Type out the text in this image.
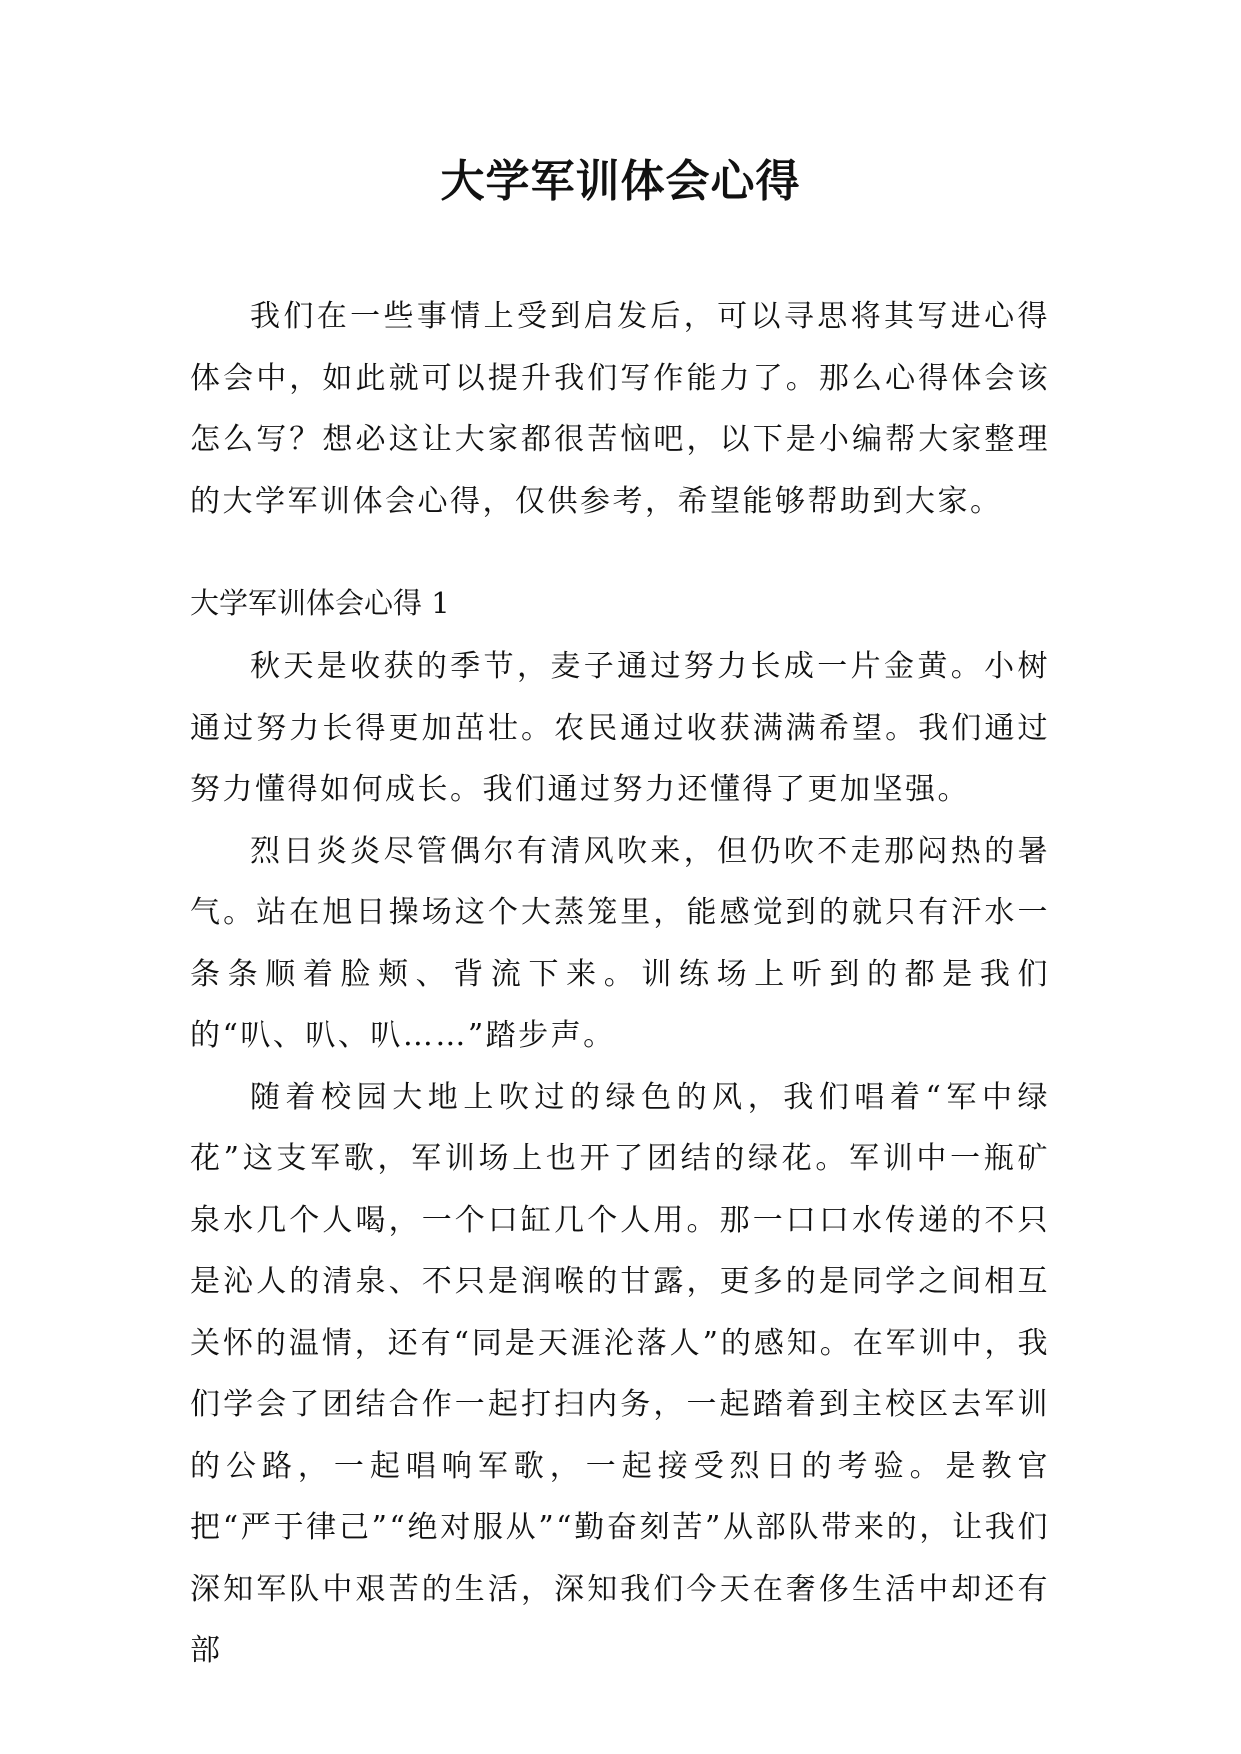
大学军训体会心得

我们在一些事情上受到启发后，可以寻思将其写进心得体会中，如此就可以提升我们写作能力了。那么心得体会该怎么写？想必这让大家都很苦恼吧，以下是小编帮大家整理的大学军训体会心得，仅供参考，希望能够帮助到大家。

大学军训体会心得 1

秋天是收获的季节，麦子通过努力长成一片金黄。小树通过努力长得更加茁壮。农民通过收获满满希望。我们通过努力懂得如何成长。我们通过努力还懂得了更加坚强。

烈日炎炎尽管偶尔有清风吹来，但仍吹不走那闷热的暑气。站在旭日操场这个大蒸笼里，能感觉到的就只有汗水一条条顺着脸颊、背流下来。训练场上听到的都是我们的“叭、叭、叭……”踏步声。

随着校园大地上吹过的绿色的风，我们唱着“军中绿花”这支军歌，军训场上也开了团结的绿花。军训中一瓶矿泉水几个人喝，一个口缸几个人用。那一口口水传递的不只是沁人的清泉、不只是润喉的甘露，更多的是同学之间相互关怀的温情，还有“同是天涯沦落人”的感知。在军训中，我们学会了团结合作一起打扫内务，一起踏着到主校区去军训的公路，一起唱响军歌，一起接受烈日的考验。是教官把“严于律己”“绝对服从”“勤奋刻苦”从部队带来的，让我们深知军队中艰苦的生活，深知我们今天在奢侈生活中却还有部
